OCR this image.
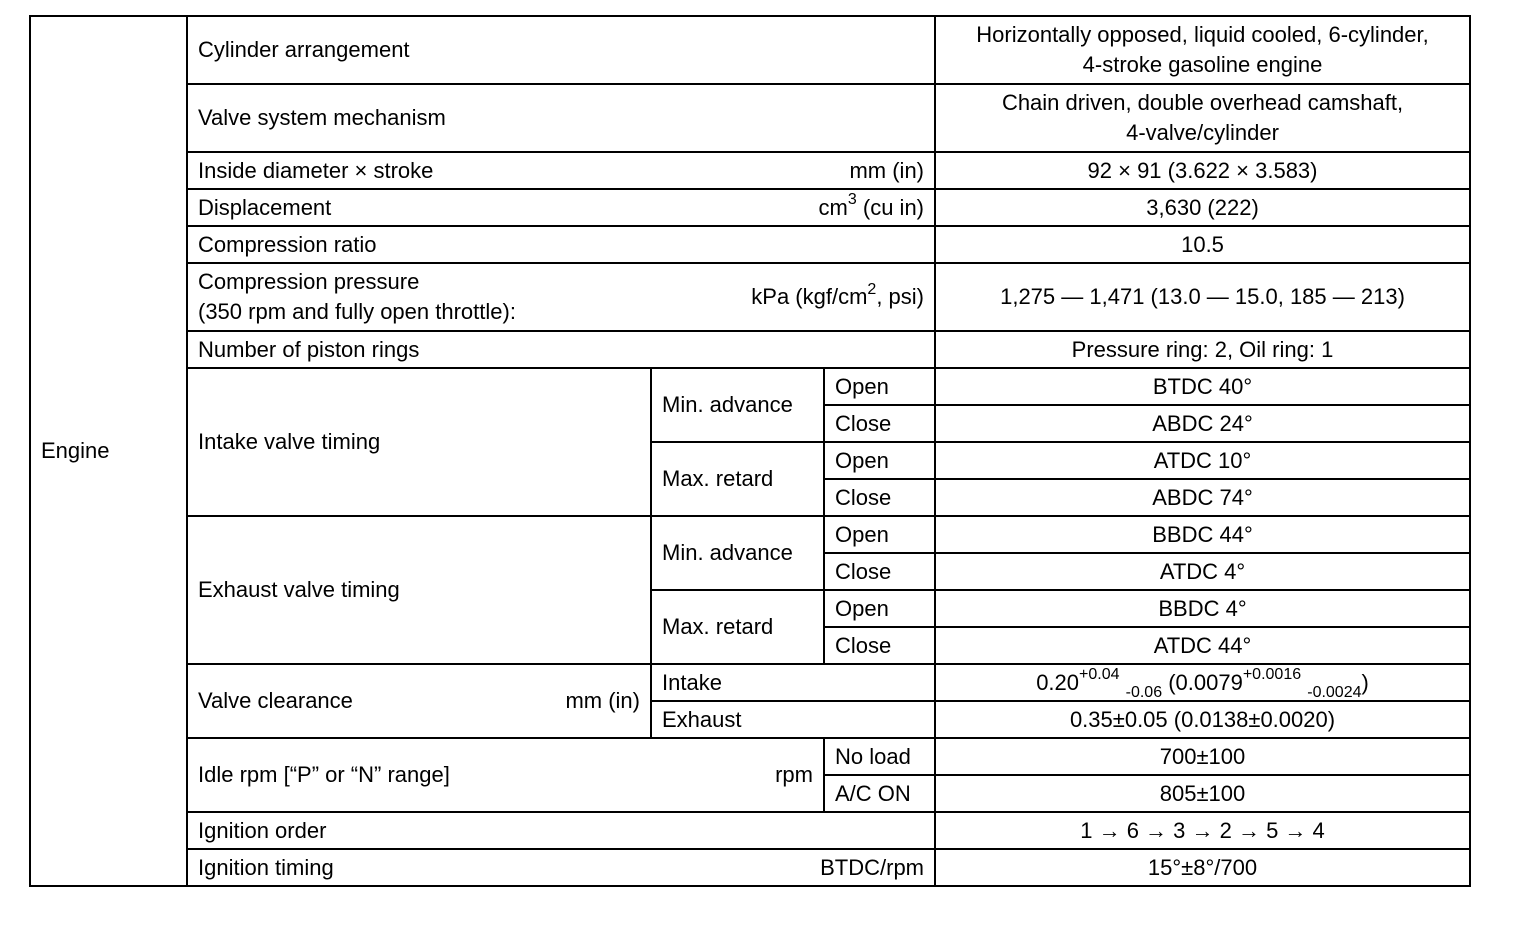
Engine	Cylinder arrangement			Horizontally opposed, liquid cooled, 6-cylinder,
4-stroke gasoline engine

	Valve system mechanism			Chain driven, double overhead camshaft,
4-valve/cylinder

	Inside diameter × stroke mm (in)			92 × 91 (3.622 × 3.583)

	Displacement $cm^3$ (cu in)			3,630 (222)
	Compression ratio			10.5

	Compression pressure
(350 rpm and fully open throttle):
kPa ($kgf/cm^2$, psi)			1,275 — 1,471 (13.0 — 15.0, 185 — 213)
	Number of piston rings			Pressure ring: 2, Oil ring: 1
	Intake valve timing	Min. advance	Open	BTDC 40°
			Close	ABDC 24°
		Max. retard	Open	ATDC 10°
			Close	ABDC 74°
	Exhaust valve timing	Min. advance	Open	BBDC 44°
			Close	ATDC 4°
		Max. retard	Open	BBDC 4°
			Close	ATDC 44°

	Valve clearance mm (in)	Intake		$0.20^{+0.04}$ $_{-0.06}$ ($0.0079^{+0.0016}$ $_{-0.0024}$)
		Exhaust		0.35±0.05 (0.0138±0.0020)

	Idle rpm [“P” or “N” range] rpm		No load	700±100
			A/C ON	805±100
	Ignition order			1 → 6 → 3 → 2 → 5 → 4

	Ignition timing BTDC/rpm			15°±8°/700
